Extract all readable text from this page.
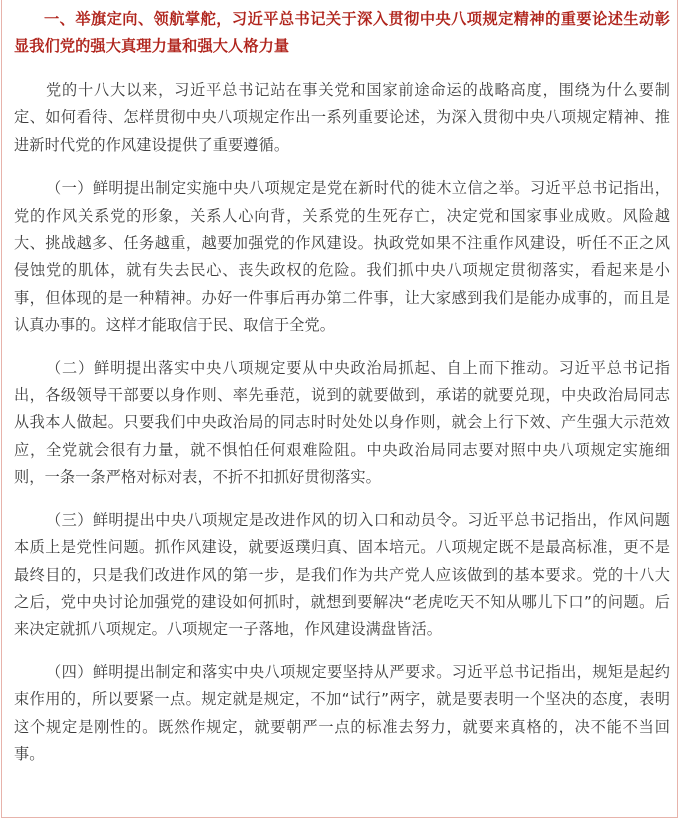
一、举旗定向、领航掌舵，习近平总书记关于深入贯彻中央八项规定精神的重要论述生动彰显我们党的强大真理力量和强大人格力量

党的十八大以来，习近平总书记站在事关党和国家前途命运的战略高度，围绕为什么要制定、如何看待、怎样贯彻中央八项规定作出一系列重要论述，为深入贯彻中央八项规定精神、推进新时代党的作风建设提供了重要遵循。

（一）鲜明提出制定实施中央八项规定是党在新时代的徙木立信之举。习近平总书记指出，党的作风关系党的形象，关系人心向背，关系党的生死存亡，决定党和国家事业成败。风险越大、挑战越多、任务越重，越要加强党的作风建设。执政党如果不注重作风建设，听任不正之风侵蚀党的肌体，就有失去民心、丧失政权的危险。我们抓中央八项规定贯彻落实，看起来是小事，但体现的是一种精神。办好一件事后再办第二件事，让大家感到我们是能办成事的，而且是认真办事的。这样才能取信于民、取信于全党。

（二）鲜明提出落实中央八项规定要从中央政治局抓起、自上而下推动。习近平总书记指出，各级领导干部要以身作则、率先垂范，说到的就要做到，承诺的就要兑现，中央政治局同志从我本人做起。只要我们中央政治局的同志时时处处以身作则，就会上行下效、产生强大示范效应，全党就会很有力量，就不惧怕任何艰难险阻。中央政治局同志要对照中央八项规定实施细则，一条一条严格对标对表，不折不扣抓好贯彻落实。

（三）鲜明提出中央八项规定是改进作风的切入口和动员令。习近平总书记指出，作风问题本质上是党性问题。抓作风建设，就要返璞归真、固本培元。八项规定既不是最高标准，更不是最终目的，只是我们改进作风的第一步，是我们作为共产党人应该做到的基本要求。党的十八大之后，党中央讨论加强党的建设如何抓时，就想到要解决“老虎吃天不知从哪儿下口”的问题。后来决定就抓八项规定。八项规定一子落地，作风建设满盘皆活。

（四）鲜明提出制定和落实中央八项规定要坚持从严要求。习近平总书记指出，规矩是起约束作用的，所以要紧一点。规定就是规定，不加“试行”两字，就是要表明一个坚决的态度，表明这个规定是刚性的。既然作规定，就要朝严一点的标准去努力，就要来真格的，决不能不当回事。
